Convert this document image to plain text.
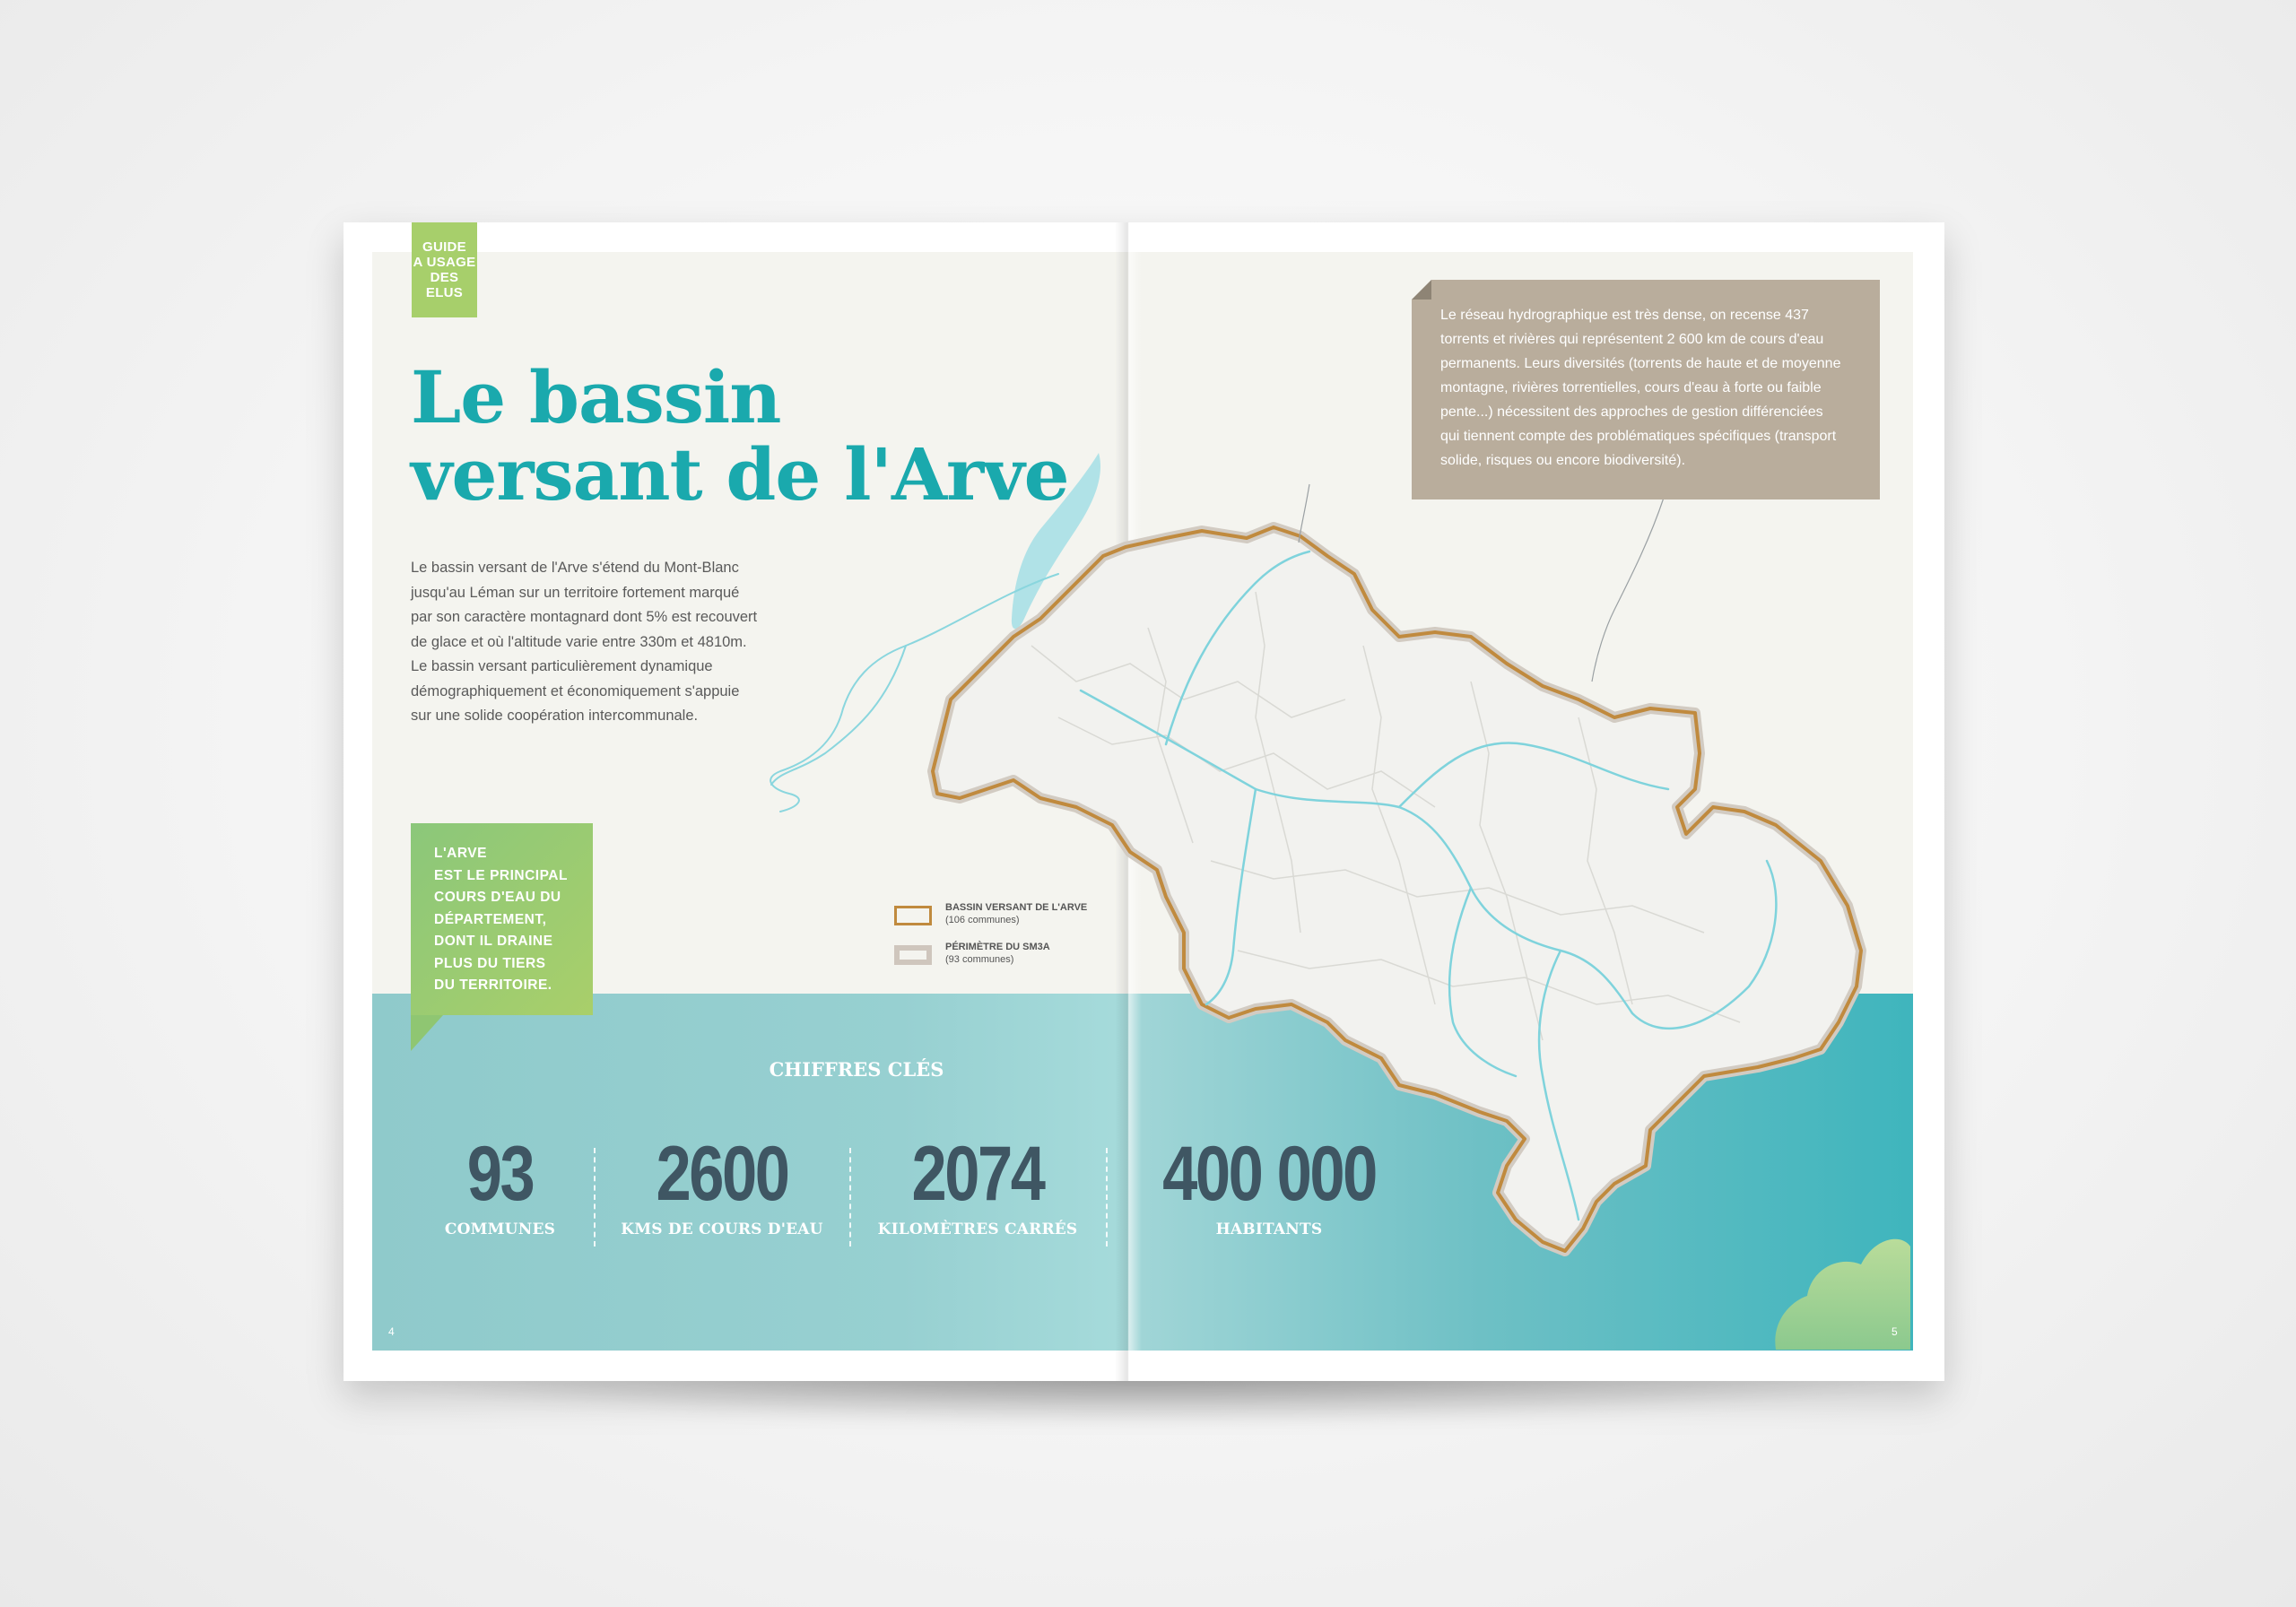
GUIDE
A USAGE
DES ELUS
Le bassin
versant de l'Arve
Le bassin versant de l'Arve s'étend du Mont-Blanc
jusqu'au Léman sur un territoire fortement marqué
par son caractère montagnard dont 5% est recouvert
de glace et où l'altitude varie entre 330m et 4810m.
Le bassin versant particulièrement dynamique
démographiquement et économiquement s'appuie
sur une solide coopération intercommunale.
L'ARVE
EST LE PRINCIPAL
COURS D'EAU DU
DÉPARTEMENT,
DONT IL DRAINE
PLUS DU TIERS
DU TERRITOIRE.
Le réseau hydrographique est très dense, on recense 437
torrents et rivières qui représentent 2 600 km de cours d'eau
permanents. Leurs diversités (torrents de haute et de moyenne
montagne, rivières torrentielles, cours d'eau à forte ou faible
pente...) nécessitent des approches de gestion différenciées
qui tiennent compte des problématiques spécifiques (transport
solide, risques ou encore biodiversité).
BASSIN VERSANT DE L'ARVE
(106 communes)
PÉRIMÈTRE DU SM3A
(93 communes)
CHIFFRES CLÉS
93
COMMUNES
2600
KMS DE COURS D'EAU
2074
KILOMÈTRES CARRÉS
400 000
HABITANTS
4	5
